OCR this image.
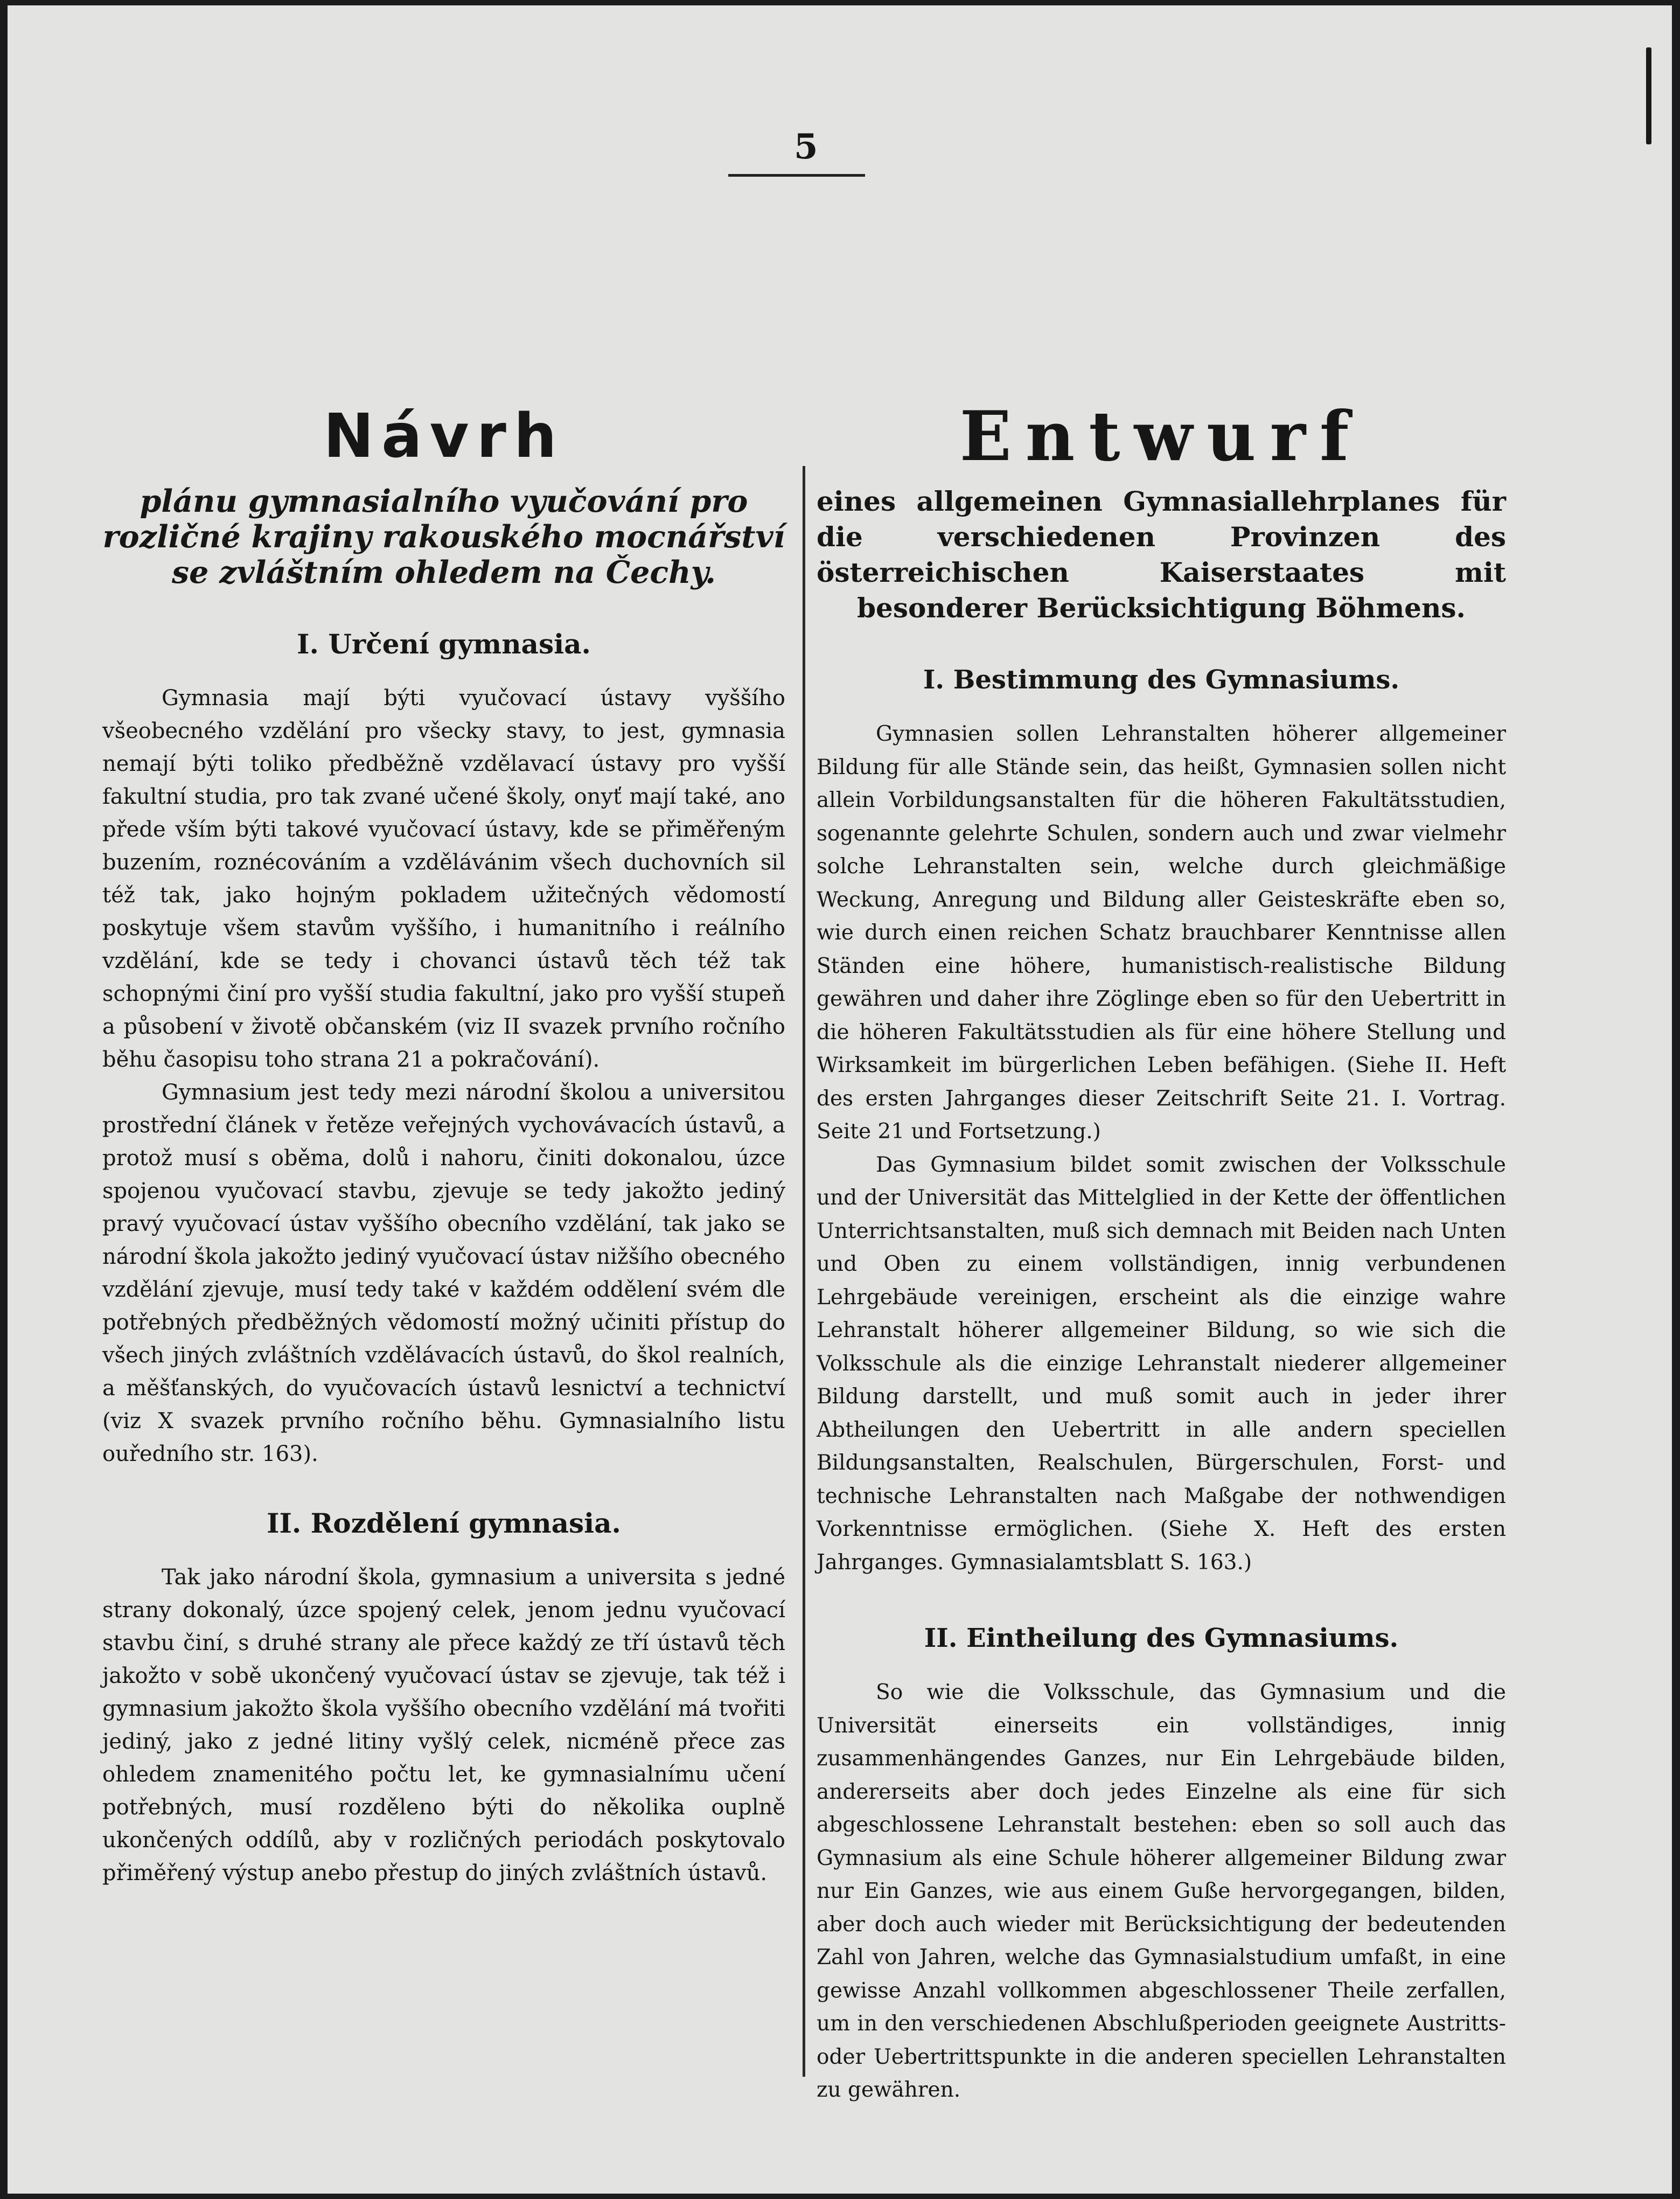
5
Návrh
plánu gymnasialního vyučování pro rozličné krajiny rakouského mocnářství se zvláštním ohledem na Čechy.
I. Určení gymnasia.

Gymnasia mají býti vyučovací ústavy vyššího všeobecného vzdělání pro všecky stavy, to jest, gymnasia nemají býti toliko předběžně vzdělavací ústavy pro vyšší fakultní studia, pro tak zvané učené školy, onyť mají také, ano přede vším býti takové vyučovací ústavy, kde se přiměřeným buzením, roznécováním a vzdělávánim všech duchovních sil též tak, jako hojným pokladem užitečných vědomostí poskytuje všem stavům vyššího, i humanitního i reálního vzdělání, kde se tedy i chovanci ústavů těch též tak schopnými činí pro vyšší studia fakultní, jako pro vyšší stupeň a působení v životě občanském (viz II svazek prvního ročního běhu časopisu toho strana 21 a pokračování).

Gymnasium jest tedy mezi národní školou a universitou prostřední článek v řetěze veřejných vychovávacích ústavů, a protož musí s oběma, dolů i nahoru, činiti dokonalou, úzce spojenou vyučovací stavbu, zjevuje se tedy jakožto jediný pravý vyučovací ústav vyššího obecního vzdělání, tak jako se národní škola jakožto jediný vyučovací ústav nižšího obecného vzdělání zjevuje, musí tedy také v každém oddělení svém dle potřebných předběžných vědomostí možný učiniti přístup do všech jiných zvláštních vzdělávacích ústavů, do škol realních, a měšťanských, do vyučovacích ústavů lesnictví a technictví (viz X svazek prvního ročního běhu. Gymnasialního listu ouředního str. 163).

II. Rozdělení gymnasia.

Tak jako národní škola, gymnasium a universita s jedné strany dokonalý, úzce spojený celek, jenom jednu vyučovací stavbu činí, s druhé strany ale přece každý ze tří ústavů těch jakožto v sobě ukončený vyučovací ústav se zjevuje, tak též i gymnasium jakožto škola vyššího obecního vzdělání má tvořiti jediný, jako z jedné litiny vyšlý celek, nicméně přece zas ohledem znamenitého počtu let, ke gymnasialnímu učení potřebných, musí rozděleno býti do několika ouplně ukončených oddílů, aby v rozličných periodách poskytovalo přiměřený výstup anebo přestup do jiných zvláštních ústavů.

Entwurf
eines allgemeinen Gymnasiallehrplanes für die verschiedenen Provinzen des österreichischen Kaiserstaates mit besonderer Berücksichtigung Böhmens.
I. Bestimmung des Gymnasiums.

Gymnasien sollen Lehranstalten höherer allgemeiner Bildung für alle Stände sein, das heißt, Gymnasien sollen nicht allein Vorbildungsanstalten für die höheren Fakultätsstudien, sogenannte gelehrte Schulen, sondern auch und zwar vielmehr solche Lehranstalten sein, welche durch gleichmäßige Weckung, Anregung und Bildung aller Geisteskräfte eben so, wie durch einen reichen Schatz brauchbarer Kenntnisse allen Ständen eine höhere, humanistisch-realistische Bildung gewähren und daher ihre Zöglinge eben so für den Uebertritt in die höheren Fakultätsstudien als für eine höhere Stellung und Wirksamkeit im bürgerlichen Leben befähigen. (Siehe II. Heft des ersten Jahrganges dieser Zeitschrift Seite 21. I. Vortrag. Seite 21 und Fortsetzung.)

Das Gymnasium bildet somit zwischen der Volksschule und der Universität das Mittelglied in der Kette der öffentlichen Unterrichtsanstalten, muß sich demnach mit Beiden nach Unten und Oben zu einem vollständigen, innig verbundenen Lehrgebäude vereinigen, erscheint als die einzige wahre Lehranstalt höherer allgemeiner Bildung, so wie sich die Volksschule als die einzige Lehranstalt niederer allgemeiner Bildung darstellt, und muß somit auch in jeder ihrer Abtheilungen den Uebertritt in alle andern speciellen Bildungsanstalten, Realschulen, Bürgerschulen, Forst- und technische Lehranstalten nach Maßgabe der nothwendigen Vorkenntnisse ermöglichen. (Siehe X. Heft des ersten Jahrganges. Gymnasialamtsblatt S. 163.)

II. Eintheilung des Gymnasiums.

So wie die Volksschule, das Gymnasium und die Universität einerseits ein vollständiges, innig zusammenhängendes Ganzes, nur Ein Lehrgebäude bilden, andererseits aber doch jedes Einzelne als eine für sich abgeschlossene Lehranstalt bestehen: eben so soll auch das Gymnasium als eine Schule höherer allgemeiner Bildung zwar nur Ein Ganzes, wie aus einem Guße hervorgegangen, bilden, aber doch auch wieder mit Berücksichtigung der bedeutenden Zahl von Jahren, welche das Gymnasialstudium umfaßt, in eine gewisse Anzahl vollkommen abgeschlossener Theile zerfallen, um in den verschiedenen Abschlußperioden geeignete Austritts- oder Uebertrittspunkte in die anderen speciellen Lehranstalten zu gewähren.
